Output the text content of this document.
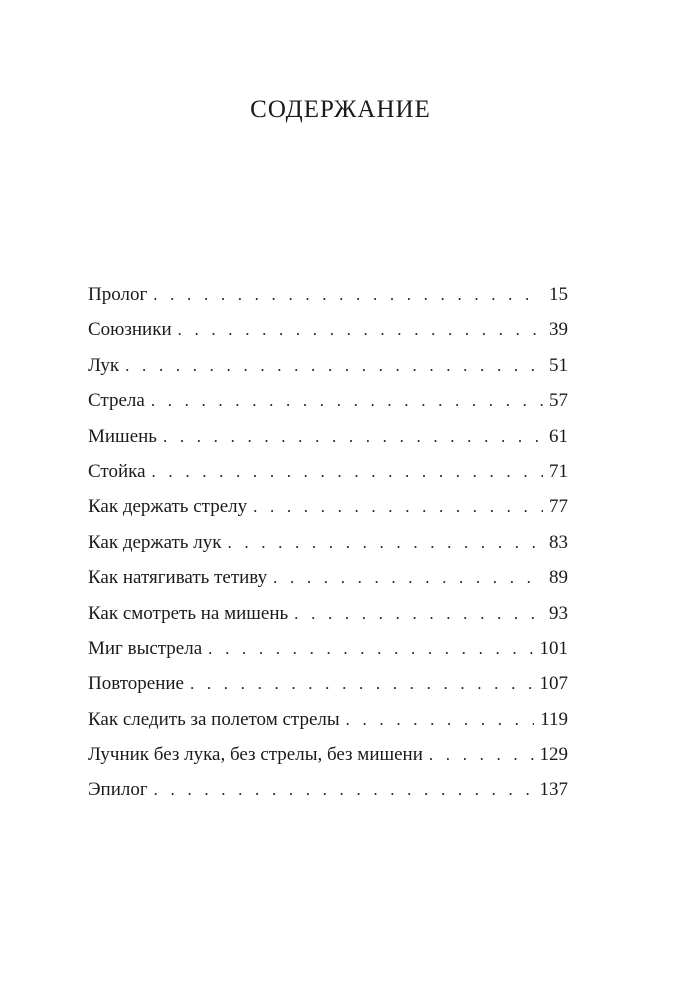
СОДЕРЖАНИЕ
Пролог . . .	15
Союзники . . .	39
Лук . . .	51
Стрела . . .	57
Мишень . . .	61
Стойка . . .	71
Как держать стрелу . . .	77
Как держать лук . . .	83
Как натягивать тетиву . . .	89
Как смотреть на мишень . . .	93
Миг выстрела . . .	101
Повторение . . .	107
Как следить за полетом стрелы . . .	119
Лучник без лука, без стрелы, без мишени . . .	129
Эпилог . . .	137
